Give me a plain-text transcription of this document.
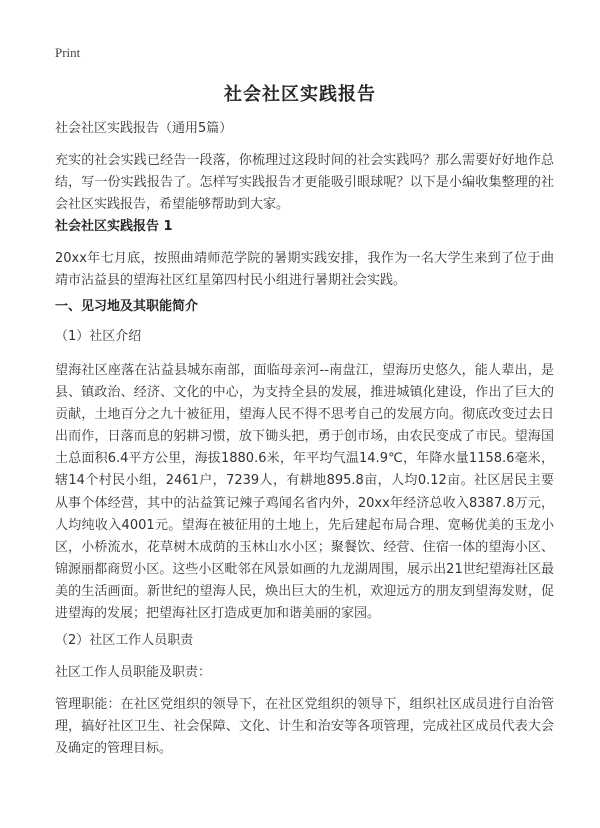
Print
社会社区实践报告
社会社区实践报告（通用5篇）
充实的社会实践已经告一段落，你梳理过这段时间的社会实践吗？那么需要好好地作总结，写一份实践报告了。怎样写实践报告才更能吸引眼球呢？以下是小编收集整理的社会社区实践报告，希望能够帮助到大家。
社会社区实践报告 1
20xx年七月底，按照曲靖师范学院的暑期实践安排，我作为一名大学生来到了位于曲靖市沾益县的望海社区红星第四村民小组进行暑期社会实践。
一、见习地及其职能简介
（1）社区介绍
望海社区座落在沾益县城东南部，面临母亲河--南盘江，望海历史悠久，能人辈出，是县、镇政治、经济、文化的中心，为支持全县的发展，推进城镇化建设，作出了巨大的贡献，土地百分之九十被征用，望海人民不得不思考自己的发展方向。彻底改变过去日出而作，日落而息的躬耕习惯，放下锄头把，勇于创市场，由农民变成了市民。望海国土总面积6.4平方公里，海拔1880.6米，年平均气温14.9℃，年降水量1158.6毫米，辖14个村民小组，2461户，7239人，有耕地895.8亩，人均0.12亩。社区居民主要从事个体经营，其中的沾益箕记辣子鸡闻名省内外，20xx年经济总收入8387.8万元，人均纯收入4001元。望海在被征用的土地上，先后建起布局合理、宽畅优美的玉龙小区，小桥流水，花草树木成荫的玉林山水小区；聚餐饮、经营、住宿一体的望海小区、锦源丽都商贸小区。这些小区毗邻在风景如画的九龙湖周围，展示出21世纪望海社区最美的生活画面。新世纪的望海人民，焕出巨大的生机，欢迎远方的朋友到望海发财，促进望海的发展；把望海社区打造成更加和谐美丽的家园。
（2）社区工作人员职责
社区工作人员职能及职责：
管理职能：在社区党组织的领导下，在社区党组织的领导下，组织社区成员进行自治管理，搞好社区卫生、社会保障、文化、计生和治安等各项管理，完成社区成员代表大会及确定的管理目标。
